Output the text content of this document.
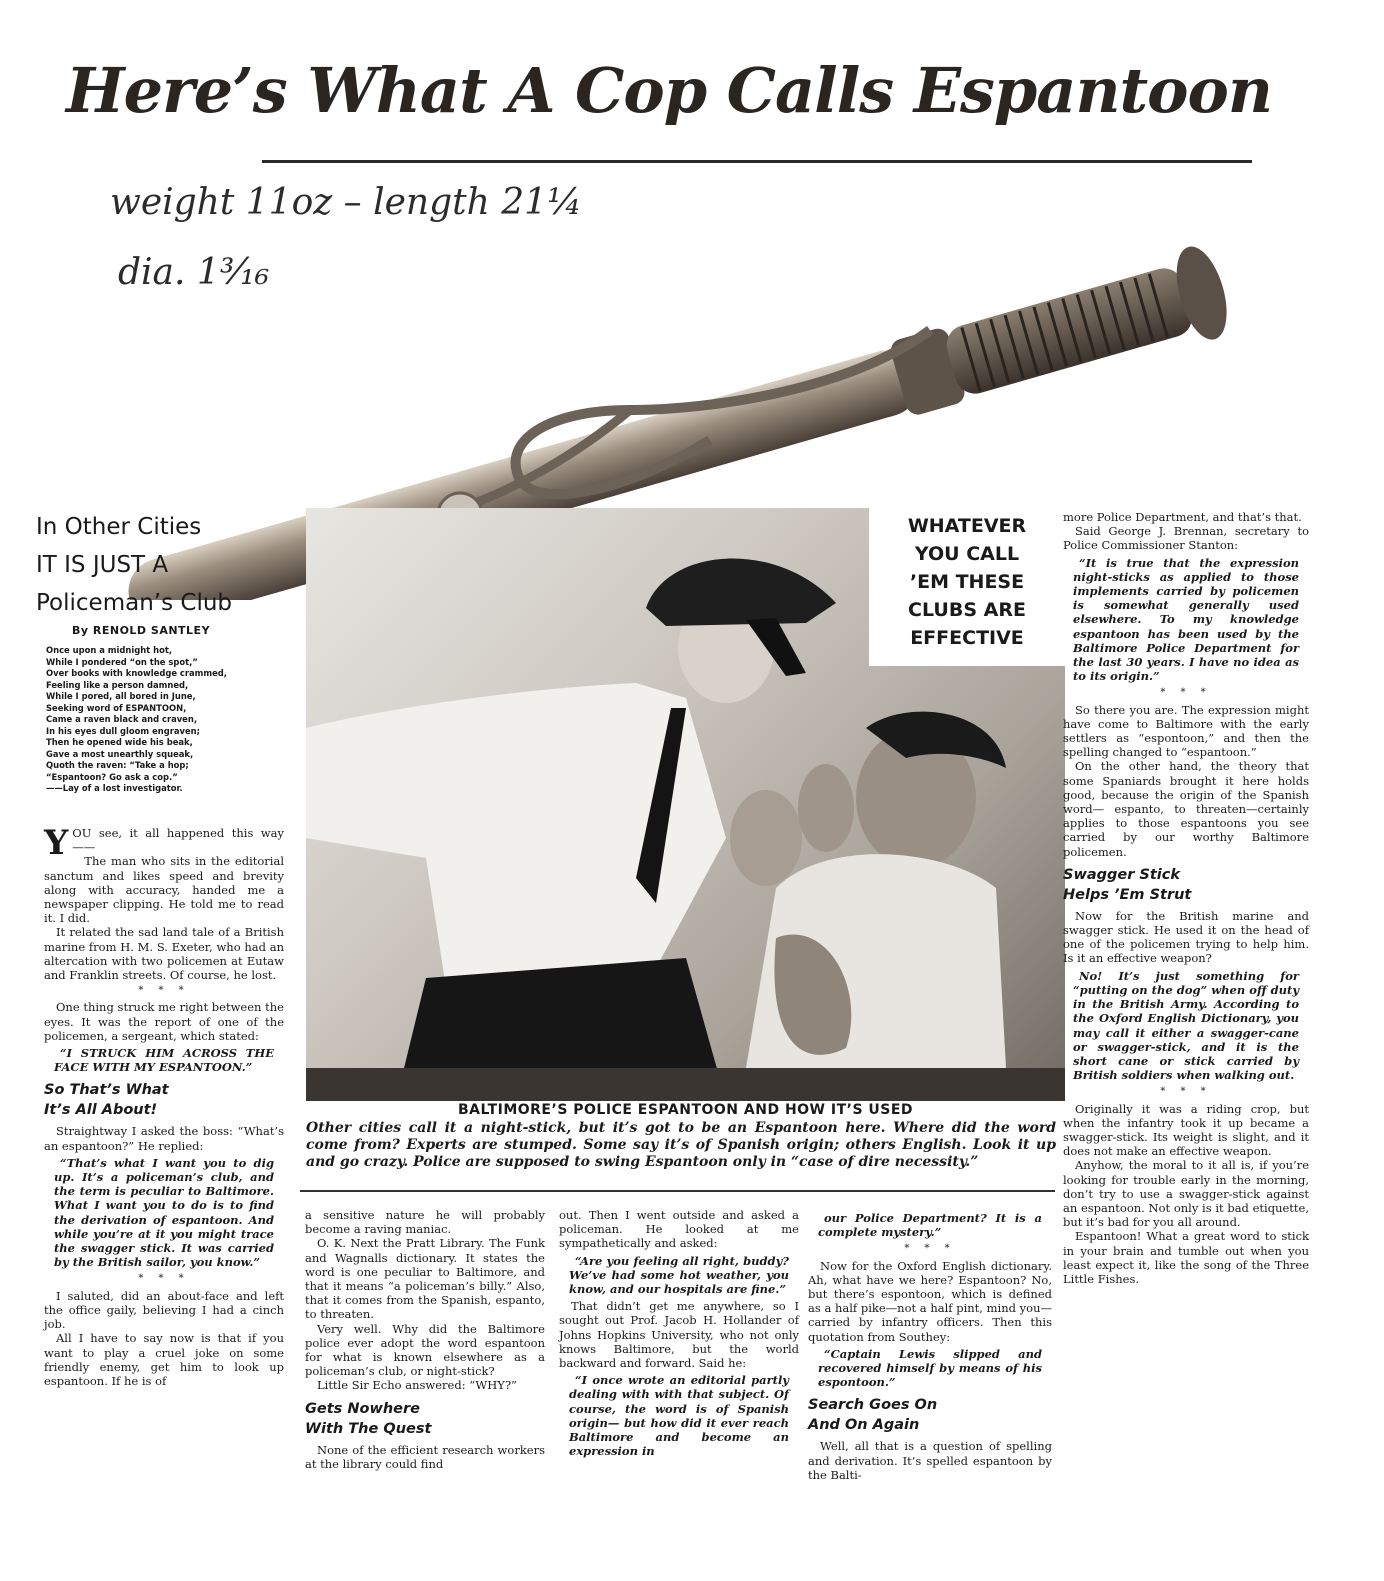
Here’s What A Cop Calls Espantoon
weight 11oz – length 21¼
dia. 1³⁄₁₆
WHATEVER
YOU CALL
’EM THESE
CLUBS ARE
EFFECTIVE
BALTIMORE’S POLICE ESPANTOON AND HOW IT’S USED
Other cities call it a night-stick, but it’s got to be an Espantoon here. Where did the word come from? Experts are stumped. Some say it’s of Spanish origin; others English. Look it up and go crazy. Police are supposed to swing Espantoon only in “case of dire necessity.”
In Other Cities
IT IS JUST A
Policeman’s Club
By RENOLD SANTLEY
Once upon a midnight hot,
While I pondered “on the spot,”
Over books with knowledge crammed,
Feeling like a person damned,
While I pored, all bored in June,
Seeking word of ESPANTOON,
Came a raven black and craven,
In his eyes dull gloom engraven;
Then he opened wide his beak,
Gave a most unearthly squeak,
Quoth the raven: “Take a hop;
“Espantoon? Go ask a cop.”
——Lay of a lost investigator.

YOU see, it all happened this way——

The man who sits in the editorial sanctum and likes speed and brevity along with accuracy, handed me a newspaper clipping. He told me to read it. I did.

It related the sad land tale of a British marine from H. M. S. Exeter, who had an altercation with two policemen at Eutaw and Franklin streets. Of course, he lost.

* * *

One thing struck me right between the eyes. It was the report of one of the policemen, a sergeant, which stated:

“I STRUCK HIM ACROSS THE FACE WITH MY ESPANTOON.”

So That’s What
It’s All About!

Straightway I asked the boss: “What’s an espantoon?” He replied:

“That’s what I want you to dig up. It’s a policeman’s club, and the term is peculiar to Baltimore. What I want you to do is to find the derivation of espantoon. And while you’re at it you might trace the swagger stick. It was carried by the British sailor, you know.”

* * *

I saluted, did an about-face and left the office gaily, believing I had a cinch job.

All I have to say now is that if you want to play a cruel joke on some friendly enemy, get him to look up espantoon. If he is of

a sensitive nature he will probably become a raving maniac.

O. K. Next the Pratt Library. The Funk and Wagnalls dictionary. It states the word is one peculiar to Baltimore, and that it means “a policeman’s billy.” Also, that it comes from the Spanish, espanto, to threaten.

Very well. Why did the Baltimore police ever adopt the word espantoon for what is known elsewhere as a policeman’s club, or night-stick?

Little Sir Echo answered: “WHY?”

Gets Nowhere
With The Quest

None of the efficient research workers at the library could find

out. Then I went outside and asked a policeman. He looked at me sympathetically and asked:

“Are you feeling all right, buddy? We’ve had some hot weather, you know, and our hospitals are fine.”

That didn’t get me anywhere, so I sought out Prof. Jacob H. Hollander of Johns Hopkins University, who not only knows Baltimore, but the world backward and forward. Said he:

“I once wrote an editorial partly dealing with with that subject. Of course, the word is of Spanish origin— but how did it ever reach Baltimore and become an expression in

our Police Department? It is a complete mystery.”

* * *

Now for the Oxford English dictionary. Ah, what have we here? Espantoon? No, but there’s espontoon, which is defined as a half pike—not a half pint, mind you—carried by infantry officers. Then this quotation from Southey:

“Captain Lewis slipped and recovered himself by means of his espontoon.”

Search Goes On
And On Again

Well, all that is a question of spelling and derivation. It’s spelled espantoon by the Balti-

more Police Department, and that’s that.

Said George J. Brennan, secretary to Police Commissioner Stanton:

“It is true that the expression night-sticks as applied to those implements carried by policemen is somewhat generally used elsewhere. To my knowledge espantoon has been used by the Baltimore Police Department for the last 30 years. I have no idea as to its origin.”

* * *

So there you are. The expression might have come to Baltimore with the early settlers as “espontoon,” and then the spelling changed to “espantoon.”

On the other hand, the theory that some Spaniards brought it here holds good, because the origin of the Spanish word— espanto, to threaten—certainly applies to those espantoons you see carried by our worthy Baltimore policemen.

Swagger Stick
Helps ’Em Strut

Now for the British marine and swagger stick. He used it on the head of one of the policemen trying to help him. Is it an effective weapon?

No! It’s just something for “putting on the dog” when off duty in the British Army. According to the Oxford English Dictionary, you may call it either a swagger-cane or swagger-stick, and it is the short cane or stick carried by British soldiers when walking out.

* * *

Originally it was a riding crop, but when the infantry took it up became a swagger-stick. Its weight is slight, and it does not make an effective weapon.

Anyhow, the moral to it all is, if you’re looking for trouble early in the morning, don’t try to use a swagger-stick against an espantoon. Not only is it bad etiquette, but it’s bad for you all around.

Espantoon! What a great word to stick in your brain and tumble out when you least expect it, like the song of the Three Little Fishes.
